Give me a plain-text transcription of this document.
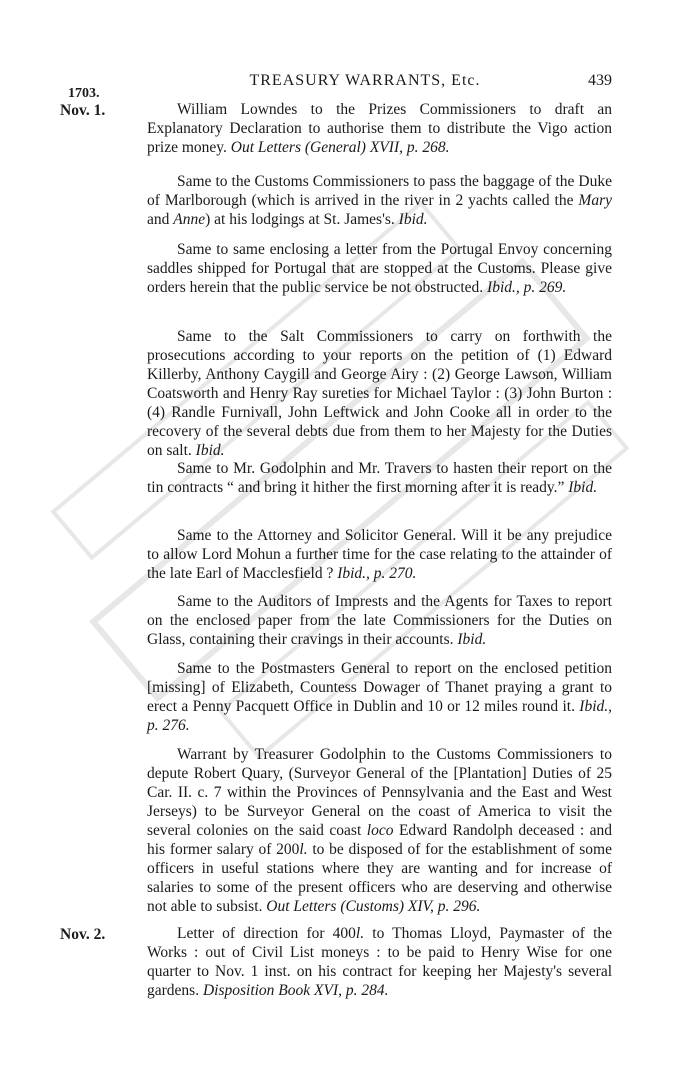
1703.
TREASURY WARRANTS, Etc.	439
Nov. 1.	William Lowndes to the Prizes Commissioners to draft an Explanatory Declaration to authorise them to distribute the Vigo action prize money. Out Letters (General) XVII, p. 268.

Same to the Customs Commissioners to pass the baggage of the Duke of Marlborough (which is arrived in the river in 2 yachts called the Mary and Anne) at his lodgings at St. James's. Ibid.

Same to same enclosing a letter from the Portugal Envoy concerning saddles shipped for Portugal that are stopped at the Customs. Please give orders herein that the public service be not obstructed. Ibid., p. 269.

Same to the Salt Commissioners to carry on forthwith the prosecutions according to your reports on the petition of (1) Edward Killerby, Anthony Caygill and George Airy : (2) George Lawson, William Coatsworth and Henry Ray sureties for Michael Taylor : (3) John Burton : (4) Randle Furnivall, John Leftwick and John Cooke all in order to the recovery of the several debts due from them to her Majesty for the Duties on salt. Ibid.

Same to Mr. Godolphin and Mr. Travers to hasten their report on the tin contracts “ and bring it hither the first morning after it is ready.” Ibid.

Same to the Attorney and Solicitor General. Will it be any prejudice to allow Lord Mohun a further time for the case relating to the attainder of the late Earl of Macclesfield ? Ibid., p. 270.

Same to the Auditors of Imprests and the Agents for Taxes to report on the enclosed paper from the late Commissioners for the Duties on Glass, containing their cravings in their accounts. Ibid.

Same to the Postmasters General to report on the enclosed petition [missing] of Elizabeth, Countess Dowager of Thanet praying a grant to erect a Penny Pacquett Office in Dublin and 10 or 12 miles round it. Ibid., p. 276.

Warrant by Treasurer Godolphin to the Customs Commissioners to depute Robert Quary, (Surveyor General of the [Plantation] Duties of 25 Car. II. c. 7 within the Provinces of Pennsylvania and the East and West Jerseys) to be Surveyor General on the coast of America to visit the several colonies on the said coast loco Edward Randolph deceased : and his former salary of 200l. to be disposed of for the establishment of some officers in useful stations where they are wanting and for increase of salaries to some of the present officers who are deserving and otherwise not able to subsist. Out Letters (Customs) XIV, p. 296.

Nov. 2.	Letter of direction for 400l. to Thomas Lloyd, Paymaster of the Works : out of Civil List moneys : to be paid to Henry Wise for one quarter to Nov. 1 inst. on his contract for keeping her Majesty's several gardens. Disposition Book XVI, p. 284.
